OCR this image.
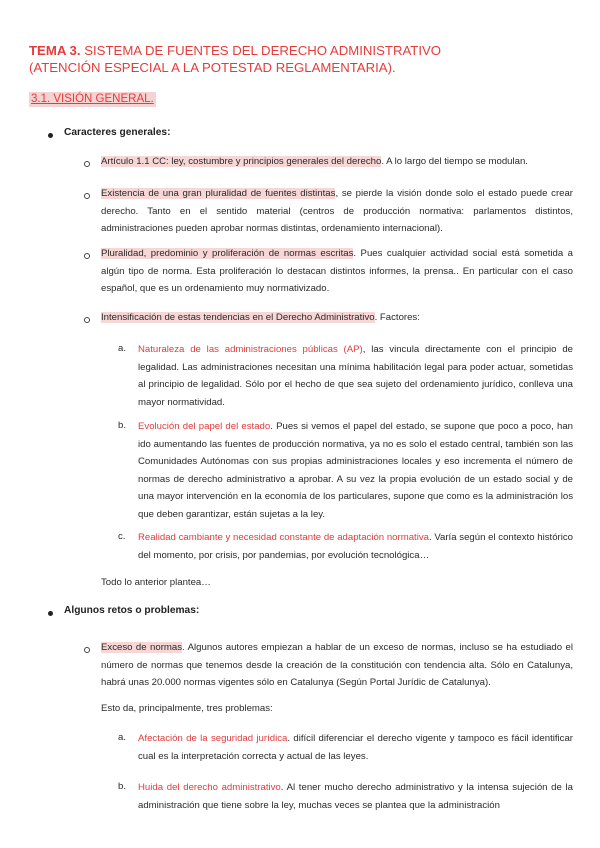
TEMA 3. SISTEMA DE FUENTES DEL DERECHO ADMINISTRATIVO
(ATENCIÓN ESPECIAL A LA POTESTAD REGLAMENTARIA).
3.1. VISIÓN GENERAL.
Caracteres generales:
Artículo 1.1 CC: ley, costumbre y principios generales del derecho. A lo largo del tiempo se modulan.
Existencia de una gran pluralidad de fuentes distintas, se pierde la visión donde solo el estado puede crear derecho. Tanto en el sentido material (centros de producción normativa: parlamentos distintos, administraciones pueden aprobar normas distintas, ordenamiento internacional).
Pluralidad, predominio y proliferación de normas escritas. Pues cualquier actividad social está sometida a algún tipo de norma. Esta proliferación lo destacan distintos informes, la prensa.. En particular con el caso español, que es un ordenamiento muy normativizado.
Intensificación de estas tendencias en el Derecho Administrativo. Factores:
a. Naturaleza de las administraciones públicas (AP), las vincula directamente con el principio de legalidad. Las administraciones necesitan una mínima habilitación legal para poder actuar, sometidas al principio de legalidad. Sólo por el hecho de que sea sujeto del ordenamiento jurídico, conlleva una mayor normatividad.
b. Evolución del papel del estado. Pues si vemos el papel del estado, se supone que poco a poco, han ido aumentando las fuentes de producción normativa, ya no es solo el estado central, también son las Comunidades Autónomas con sus propias administraciones locales y eso incrementa el número de normas de derecho administrativo a aprobar. A su vez la propia evolución de un estado social y de una mayor intervención en la economía de los particulares, supone que como es la administración los que deben garantizar, están sujetas a la ley.
c. Realidad cambiante y necesidad constante de adaptación normativa. Varía según el contexto histórico del momento, por crisis, por pandemias, por evolución tecnológica…
Todo lo anterior plantea…
Algunos retos o problemas:
Exceso de normas. Algunos autores empiezan a hablar de un exceso de normas, incluso se ha estudiado el número de normas que tenemos desde la creación de la constitución con tendencia alta. Sólo en Catalunya, habrá unas 20.000 normas vigentes sólo en Catalunya (Según Portal Jurídic de Catalunya).
Esto da, principalmente, tres problemas:
a. Afectación de la seguridad jurídica. difícil diferenciar el derecho vigente y tampoco es fácil identificar cual es la interpretación correcta y actual de las leyes.
b. Huida del derecho administrativo. Al tener mucho derecho administrativo y la intensa sujeción de la administración que tiene sobre la ley, muchas veces se plantea que la administración
